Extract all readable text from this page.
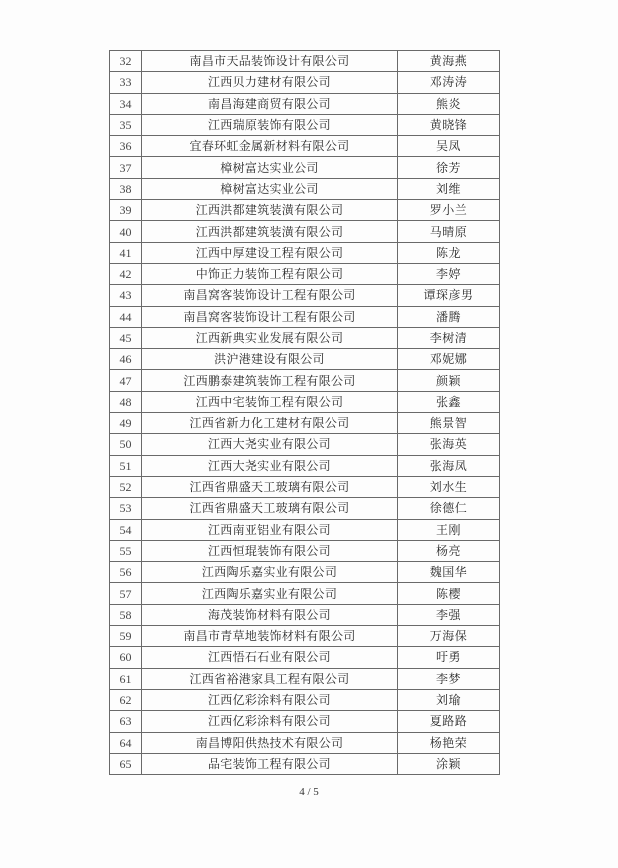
32	南昌市天品装饰设计有限公司	黄海燕
33	江西贝力建材有限公司	邓涛涛
34	南昌海建商贸有限公司	熊炎
35	江西瑞原装饰有限公司	黄晓锋
36	宜春环虹金属新材料有限公司	吴凤
37	樟树富达实业公司	徐芳
38	樟树富达实业公司	刘维
39	江西洪都建筑装潢有限公司	罗小兰
40	江西洪都建筑装潢有限公司	马晴原
41	江西中厚建设工程有限公司	陈龙
42	中饰正力装饰工程有限公司	李婷
43	南昌窝客装饰设计工程有限公司	谭琛彦男
44	南昌窝客装饰设计工程有限公司	潘腾
45	江西新典实业发展有限公司	李树清
46	洪沪港建设有限公司	邓妮娜
47	江西鹏泰建筑装饰工程有限公司	颜颖
48	江西中宅装饰工程有限公司	张鑫
49	江西省新力化工建材有限公司	熊景智
50	江西大尧实业有限公司	张海英
51	江西大尧实业有限公司	张海凤
52	江西省鼎盛天工玻璃有限公司	刘水生
53	江西省鼎盛天工玻璃有限公司	徐德仁
54	江西南亚铝业有限公司	王刚
55	江西恒琨装饰有限公司	杨亮
56	江西陶乐嘉实业有限公司	魏国华
57	江西陶乐嘉实业有限公司	陈樱
58	海茂装饰材料有限公司	李强
59	南昌市青草地装饰材料有限公司	万海保
60	江西悟石石业有限公司	吁勇
61	江西省裕港家具工程有限公司	李梦
62	江西亿彩涂料有限公司	刘瑜
63	江西亿彩涂料有限公司	夏路路
64	南昌博阳供热技术有限公司	杨艳荣
65	品宅装饰工程有限公司	涂颖
4 / 5
